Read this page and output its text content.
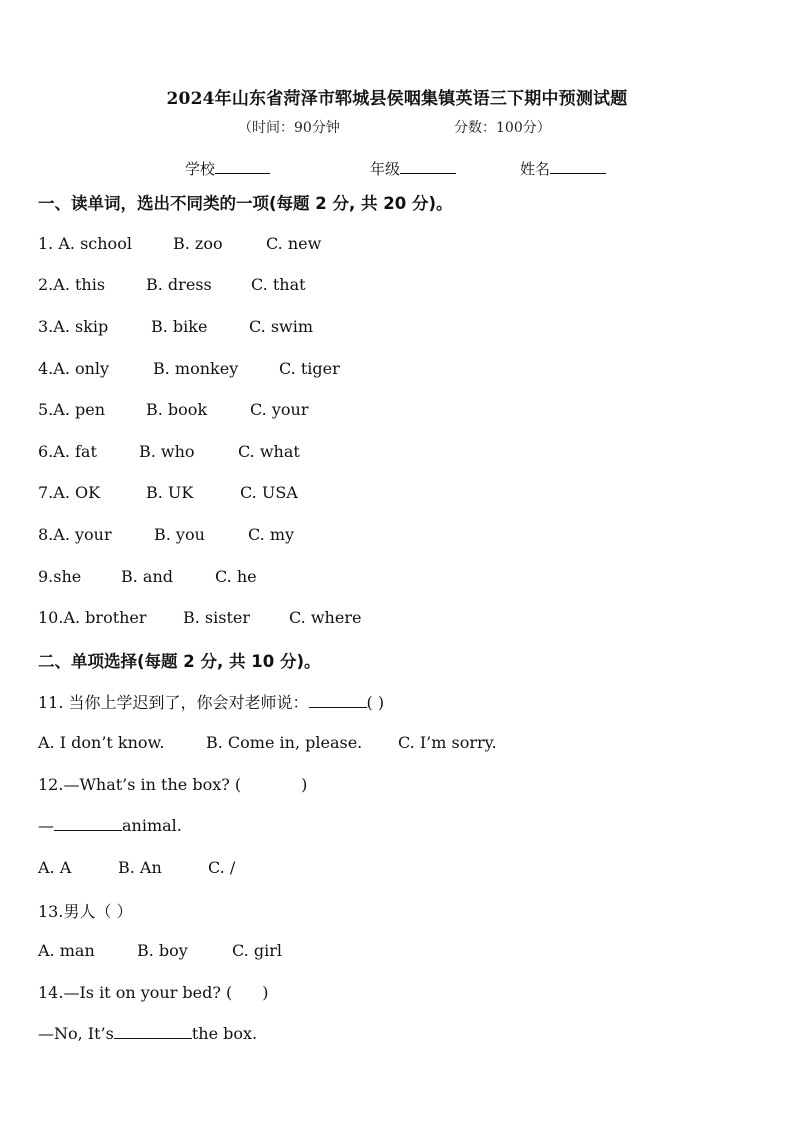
2024年山东省菏泽市郓城县侯咽集镇英语三下期中预测试题
（时间：90分钟	分数：100分）
学校	年级	姓名
一、读单词，选出不同类的一项(每题 2 分, 共 20 分)。
1. A. school	B. zoo	C. new
2.A. this	B. dress C. that
3.A. skip	B. bike	C. swim
4.A. only	B. monkey	C. tiger
5.A. pen	B. book	C. your
6.A. fat	B. who	C. what
7.A. OK	B. UK	C. USA
8.A. your	B. you	C. my
9.she B. and	C. he
10.A. brother B. sister C. where
二、单项选择(每题 2 分, 共 10 分)。
11. 当你上学迟到了，你会对老师说：	( )
A. I don’t know.	B. Come in, please. C. I’m sorry.
12.—What’s in the box? (	)
—	animal.
A. A	B. An	C. /
13.男人（ ）
A. man	B. boy	C. girl
14.—Is it on your bed? ( )
—No, It’s	the box.
